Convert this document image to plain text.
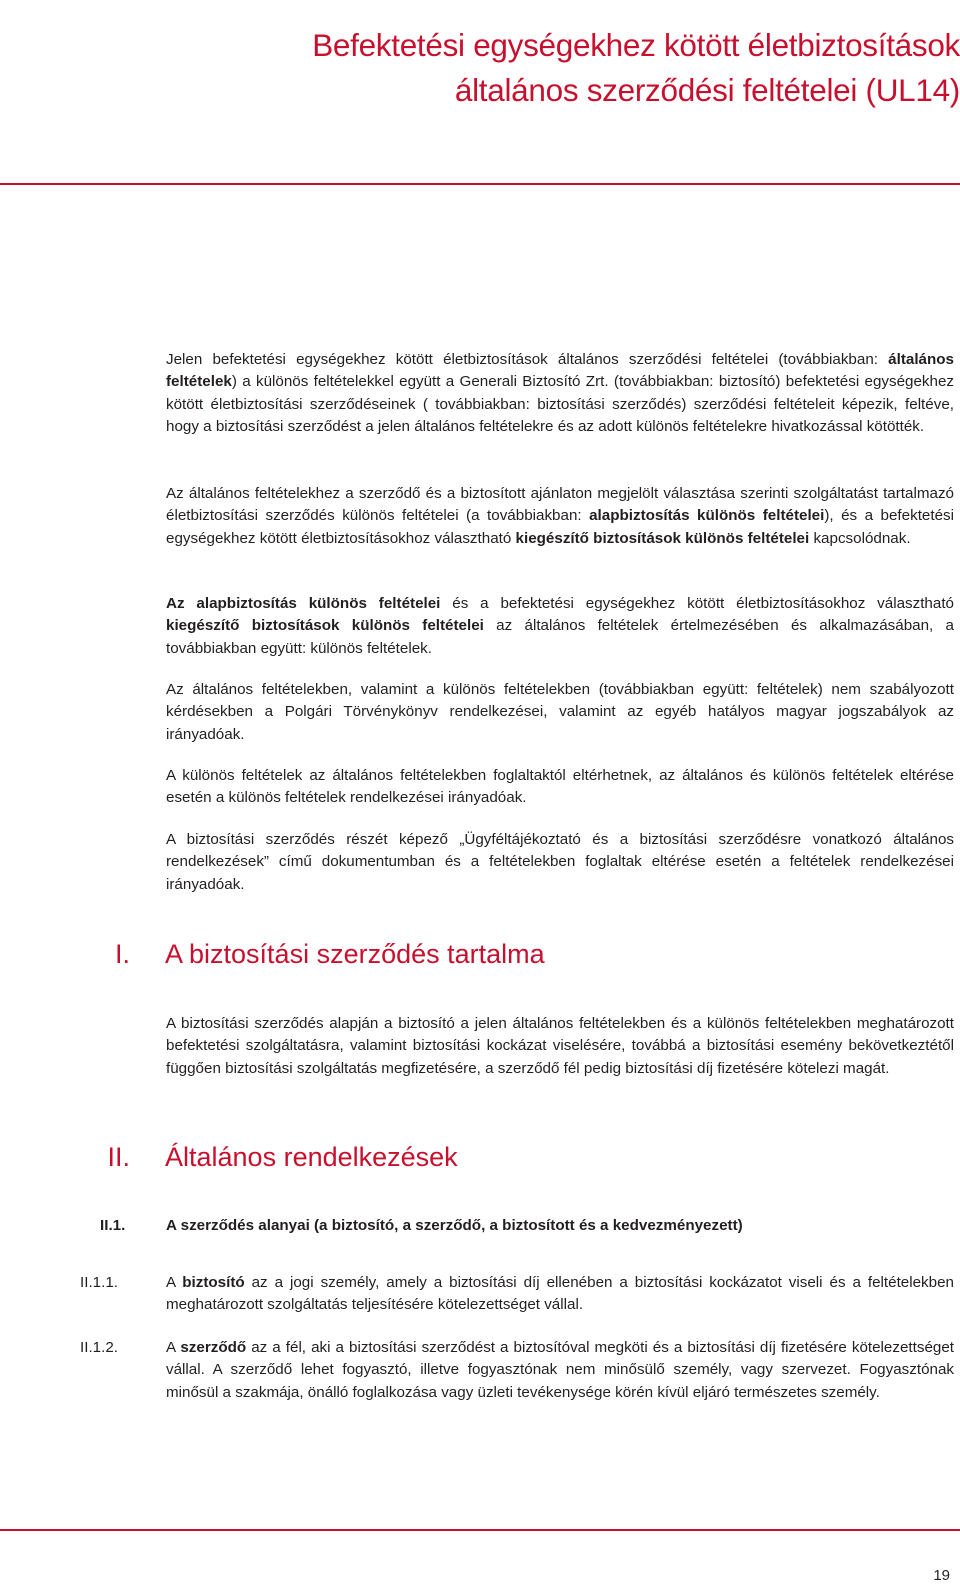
Befektetési egységekhez kötött életbiztosítások
általános szerződési feltételei (UL14)

Jelen befektetési egységekhez kötött életbiztosítások általános szerződési feltételei (továbbiakban: általános feltételek) a különös feltételekkel együtt a Generali Biztosító Zrt. (továbbiakban: biztosító) befektetési egységekhez kötött életbiztosítási szerződéseinek ( továbbiakban: biztosítási szerződés) szerződési feltételeit képezik, feltéve, hogy a biztosítási szerződést a jelen általános feltételekre és az adott különös feltételekre hivatkozással kötötték.

Az általános feltételekhez a szerződő és a biztosított ajánlaton megjelölt választása szerinti szolgáltatást tartalmazó életbiztosítási szerződés különös feltételei (a továbbiakban: alapbiztosítás különös feltételei), és a befektetési egységekhez kötött életbiztosításokhoz választható kiegészítő biztosítások különös feltételei kapcsolódnak.

Az alapbiztosítás különös feltételei és a befektetési egységekhez kötött életbiztosításokhoz választható kiegészítő biztosítások különös feltételei az általános feltételek értelmezésében és alkalmazásában, a továbbiakban együtt: különös feltételek.

Az általános feltételekben, valamint a különös feltételekben (továbbiakban együtt: feltételek) nem szabályozott kérdésekben a Polgári Törvénykönyv rendelkezései, valamint az egyéb hatályos magyar jogszabályok az irányadóak.

A különös feltételek az általános feltételekben foglaltaktól eltérhetnek, az általános és különös feltételek eltérése esetén a különös feltételek rendelkezései irányadóak.

A biztosítási szerződés részét képező „Ügyféltájékoztató és a biztosítási szerződésre vonatkozó általános rendelkezések” című dokumentumban és a feltételekben foglaltak eltérése esetén a feltételek rendelkezései irányadóak.

I. A biztosítási szerződés tartalma

A biztosítási szerződés alapján a biztosító a jelen általános feltételekben és a különös feltételekben meghatározott befektetési szolgáltatásra, valamint biztosítási kockázat viselésére, továbbá a biztosítási esemény bekövetkeztétől függően biztosítási szolgáltatás megfizetésére, a szerződő fél pedig biztosítási díj fizetésére kötelezi magát.

II. Általános rendelkezések
II.1.	A szerződés alanyai (a biztosító, a szerződő, a biztosított és a kedvezményezett)

II.1.1.	A biztosító az a jogi személy, amely a biztosítási díj ellenében a biztosítási kockázatot viseli és a feltételekben meghatározott szolgáltatás teljesítésére kötelezettséget vállal.

II.1.2.	A szerződő az a fél, aki a biztosítási szerződést a biztosítóval megköti és a biztosítási díj fizetésére kötelezettséget vállal. A szerződő lehet fogyasztó, illetve fogyasztónak nem minősülő személy, vagy szervezet. Fogyasztónak minősül a szakmája, önálló foglalkozása vagy üzleti tevékenysége körén kívül eljáró természetes személy.

19
